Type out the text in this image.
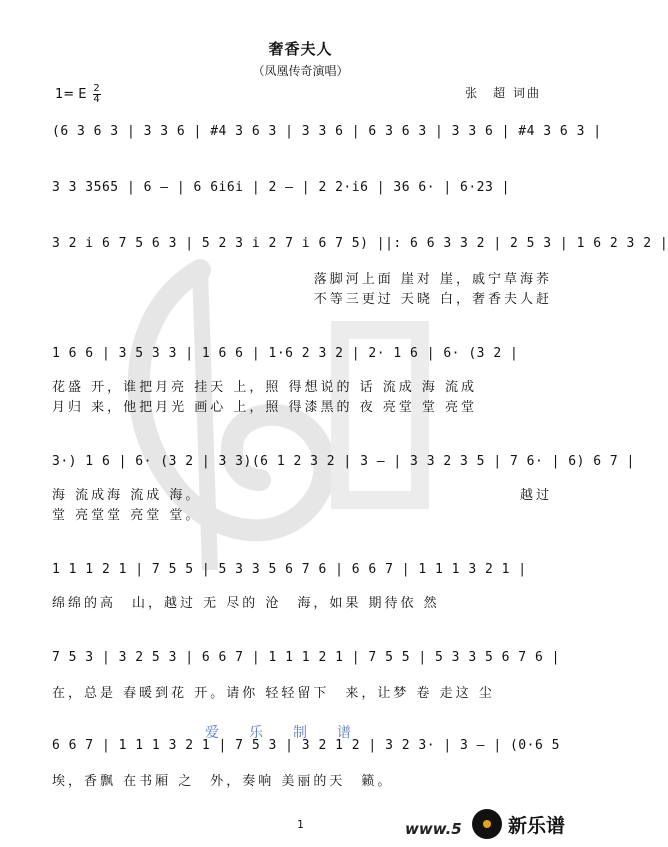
奢香夫人
（凤凰传奇演唱）
1= E 2
4	张　超 词曲
(6 3 6 3 | 3 3 6 | #4 3 6 3 | 3 3 6 | 6 3 6 3 | 3 3 6 | #4 3 6 3 |
3 3 3565 | 6 — | 6 6i6i | 2 — | 2 2·i6 | 36 6· | 6·23 |
3 2 i 6 7 5 6 3 | 5 2 3 i 2 7 i 6 7 5) ||: 6 6 3 3 2 | 2 5 3 | 1 6 2 3 2 |
落脚河上面 崖对 崖，戚宁草海荞
不等三更过 天晓 白，奢香夫人赶
1 6 6 | 3 5 3 3 | 1 6 6 | 1·6 2 3 2 | 2· 1 6 | 6· (3 2 |
花盛 开，谁把月亮 挂天 上，照 得想说的 话 流成 海 流成
月归 来，他把月光 画心 上，照 得漆黑的 夜 亮堂 堂 亮堂
3·) 1 6 | 6· (3 2 | 3 3)(6 1 2 3 2 | 3 — | 3 3 2 3 5 | 7 6· | 6) 6 7 |
海 流成海 流成 海。
堂 亮堂堂 亮堂 堂。
越过
1 1 1 2 1 | 7 5 5 | 5 3 3 5 6 7 6 | 6 6 7 | 1 1 1 3 2 1 |
绵绵的高　山，越过 无 尽的 沧　海，如果 期待依 然
7 5 3 | 3 2 5 3 | 6 6 7 | 1 1 1 2 1 | 7 5 5 | 5 3 3 5 6 7 6 |
在，总是 春暖到花 开。请你 轻轻留下　来，让梦 卷 走这 尘
爱乐制谱
6 6 7 | 1 1 1 3 2 1 | 7 5 3 | 3 2 1 2 | 3 2 3· | 3 — | (0·6 5
埃，香飘 在书厢 之　外，奏响 美丽的天　籁。
1	www.5 新乐谱
